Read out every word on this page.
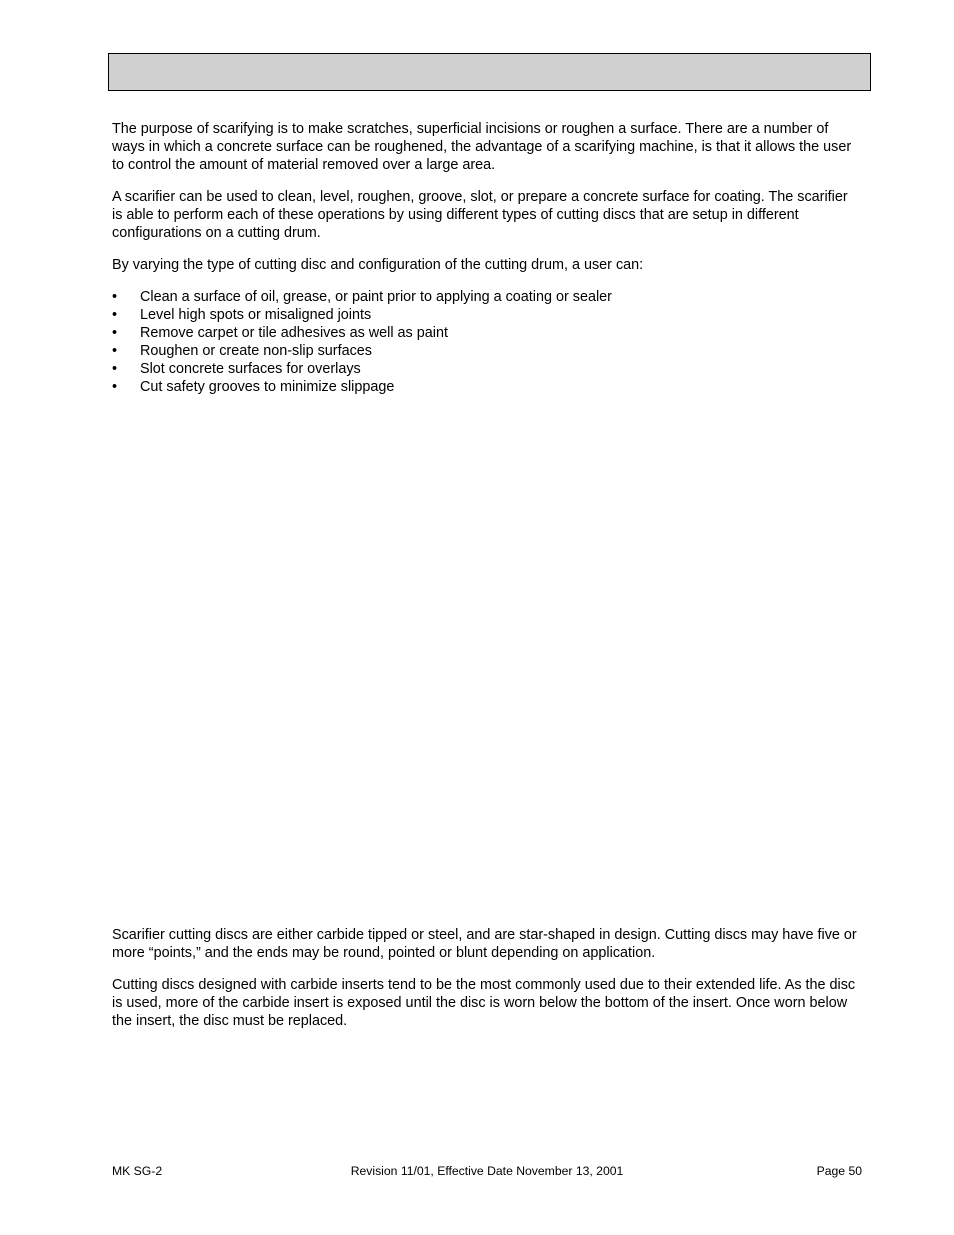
The purpose of scarifying is to make scratches, superficial incisions or roughen a surface. There are a number of ways in which a concrete surface can be roughened, the advantage of a scarifying machine, is that it allows the user to control the amount of material removed over a large area.

A scarifier can be used to clean, level, roughen, groove, slot, or prepare a concrete surface for coating. The scarifier is able to perform each of these operations by using different types of cutting discs that are setup in different configurations on a cutting drum.

By varying the type of cutting disc and configuration of the cutting drum, a user can:

• Clean a surface of oil, grease, or paint prior to applying a coating or sealer
• Level high spots or misaligned joints
• Remove carpet or tile adhesives as well as paint
• Roughen or create non-slip surfaces
• Slot concrete surfaces for overlays
• Cut safety grooves to minimize slippage

Scarifier cutting discs are either carbide tipped or steel, and are star-shaped in design. Cutting discs may have five or more “points,” and the ends may be round, pointed or blunt depending on application.

Cutting discs designed with carbide inserts tend to be the most commonly used due to their extended life. As the disc is used, more of the carbide insert is exposed until the disc is worn below the bottom of the insert. Once worn below the insert, the disc must be replaced.

MK SG-2	Revision 11/01, Effective Date November 13, 2001	Page 50
